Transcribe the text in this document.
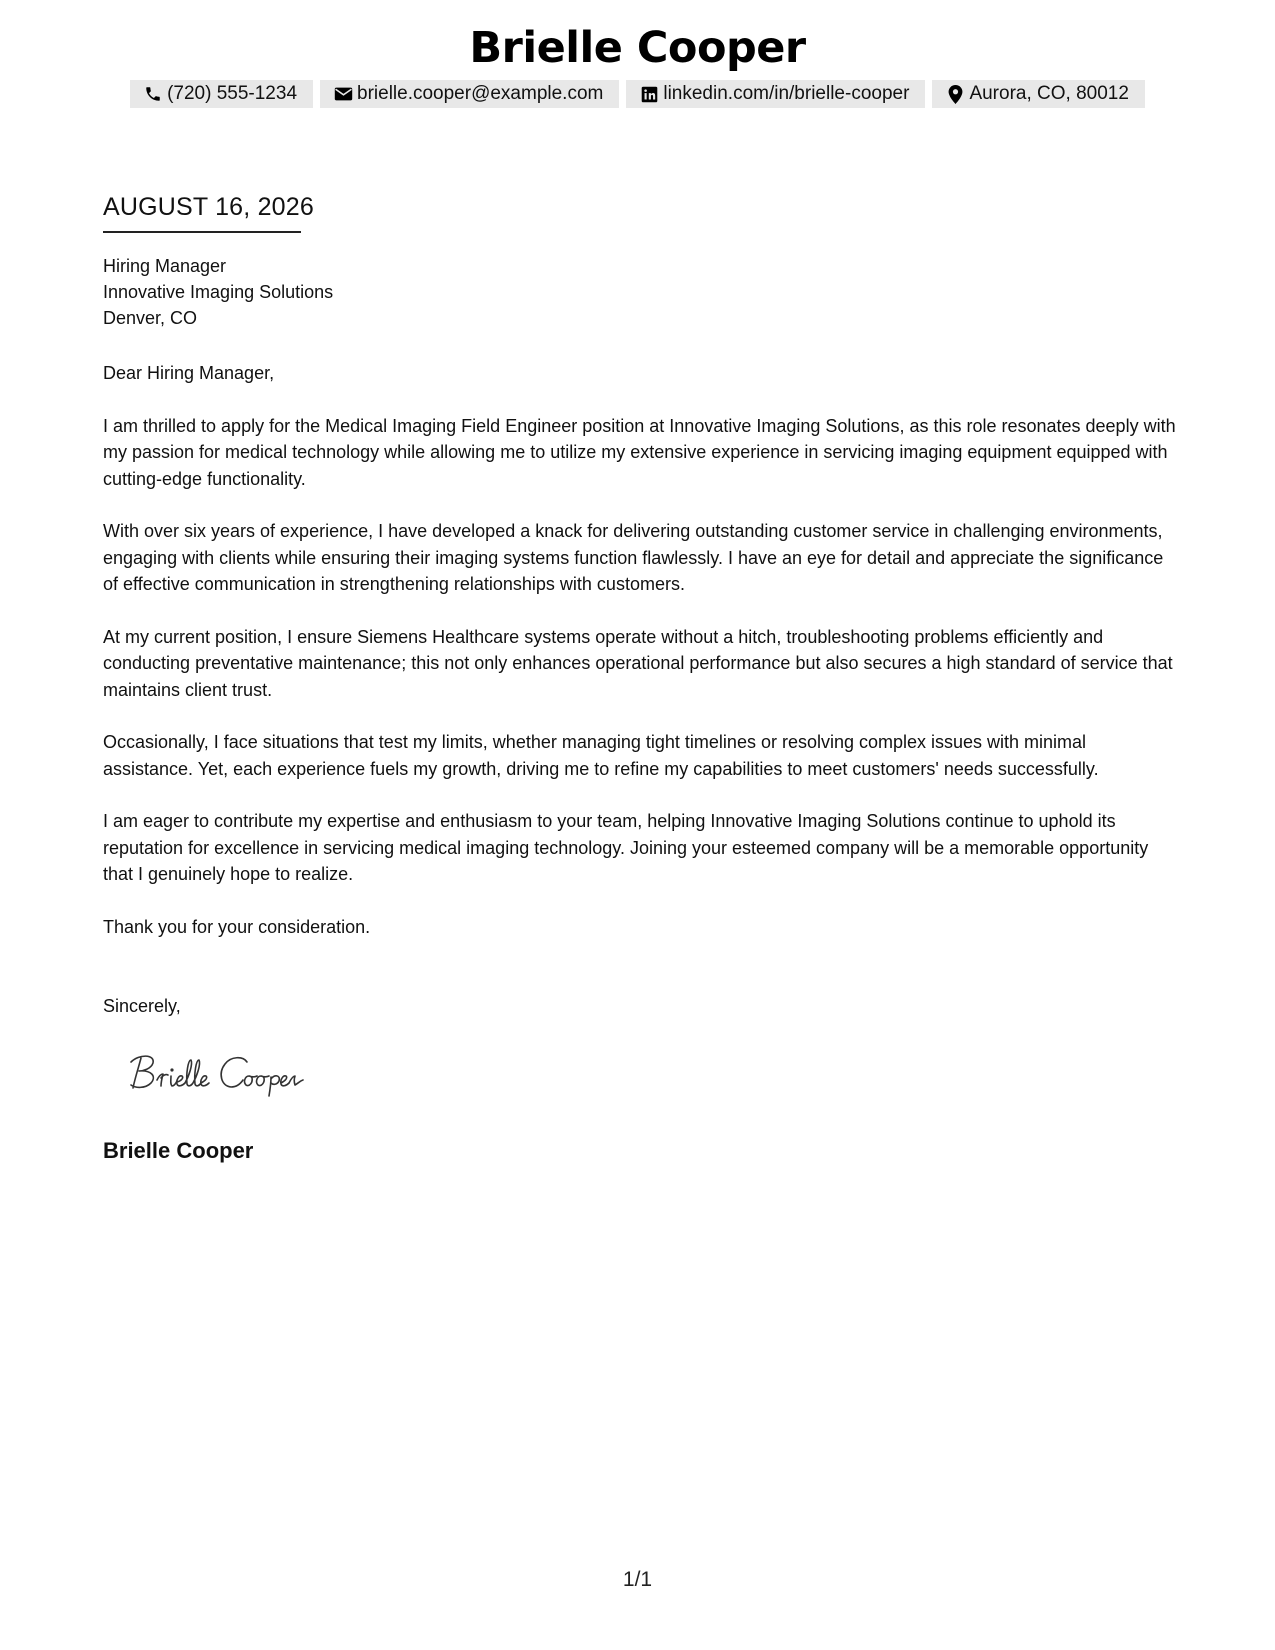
Brielle Cooper
(720) 555-1234	brielle.cooper@example.com	linkedin.com/in/brielle-cooper	Aurora, CO, 80012
AUGUST 16, 2026
Hiring Manager
Innovative Imaging Solutions
Denver, CO

Dear Hiring Manager,

I am thrilled to apply for the Medical Imaging Field Engineer position at Innovative Imaging Solutions, as this role resonates deeply with my passion for medical technology while allowing me to utilize my extensive experience in servicing imaging equipment equipped with cutting-edge functionality.

With over six years of experience, I have developed a knack for delivering outstanding customer service in challenging environments, engaging with clients while ensuring their imaging systems function flawlessly. I have an eye for detail and appreciate the significance of effective communication in strengthening relationships with customers.

At my current position, I ensure Siemens Healthcare systems operate without a hitch, troubleshooting problems efficiently and conducting preventative maintenance; this not only enhances operational performance but also secures a high standard of service that maintains client trust.

Occasionally, I face situations that test my limits, whether managing tight timelines or resolving complex issues with minimal assistance. Yet, each experience fuels my growth, driving me to refine my capabilities to meet customers' needs successfully.

I am eager to contribute my expertise and enthusiasm to your team, helping Innovative Imaging Solutions continue to uphold its reputation for excellence in servicing medical imaging technology. Joining your esteemed company will be a memorable opportunity that I genuinely hope to realize.

Thank you for your consideration.

Sincerely,
Brielle Cooper
1/1
